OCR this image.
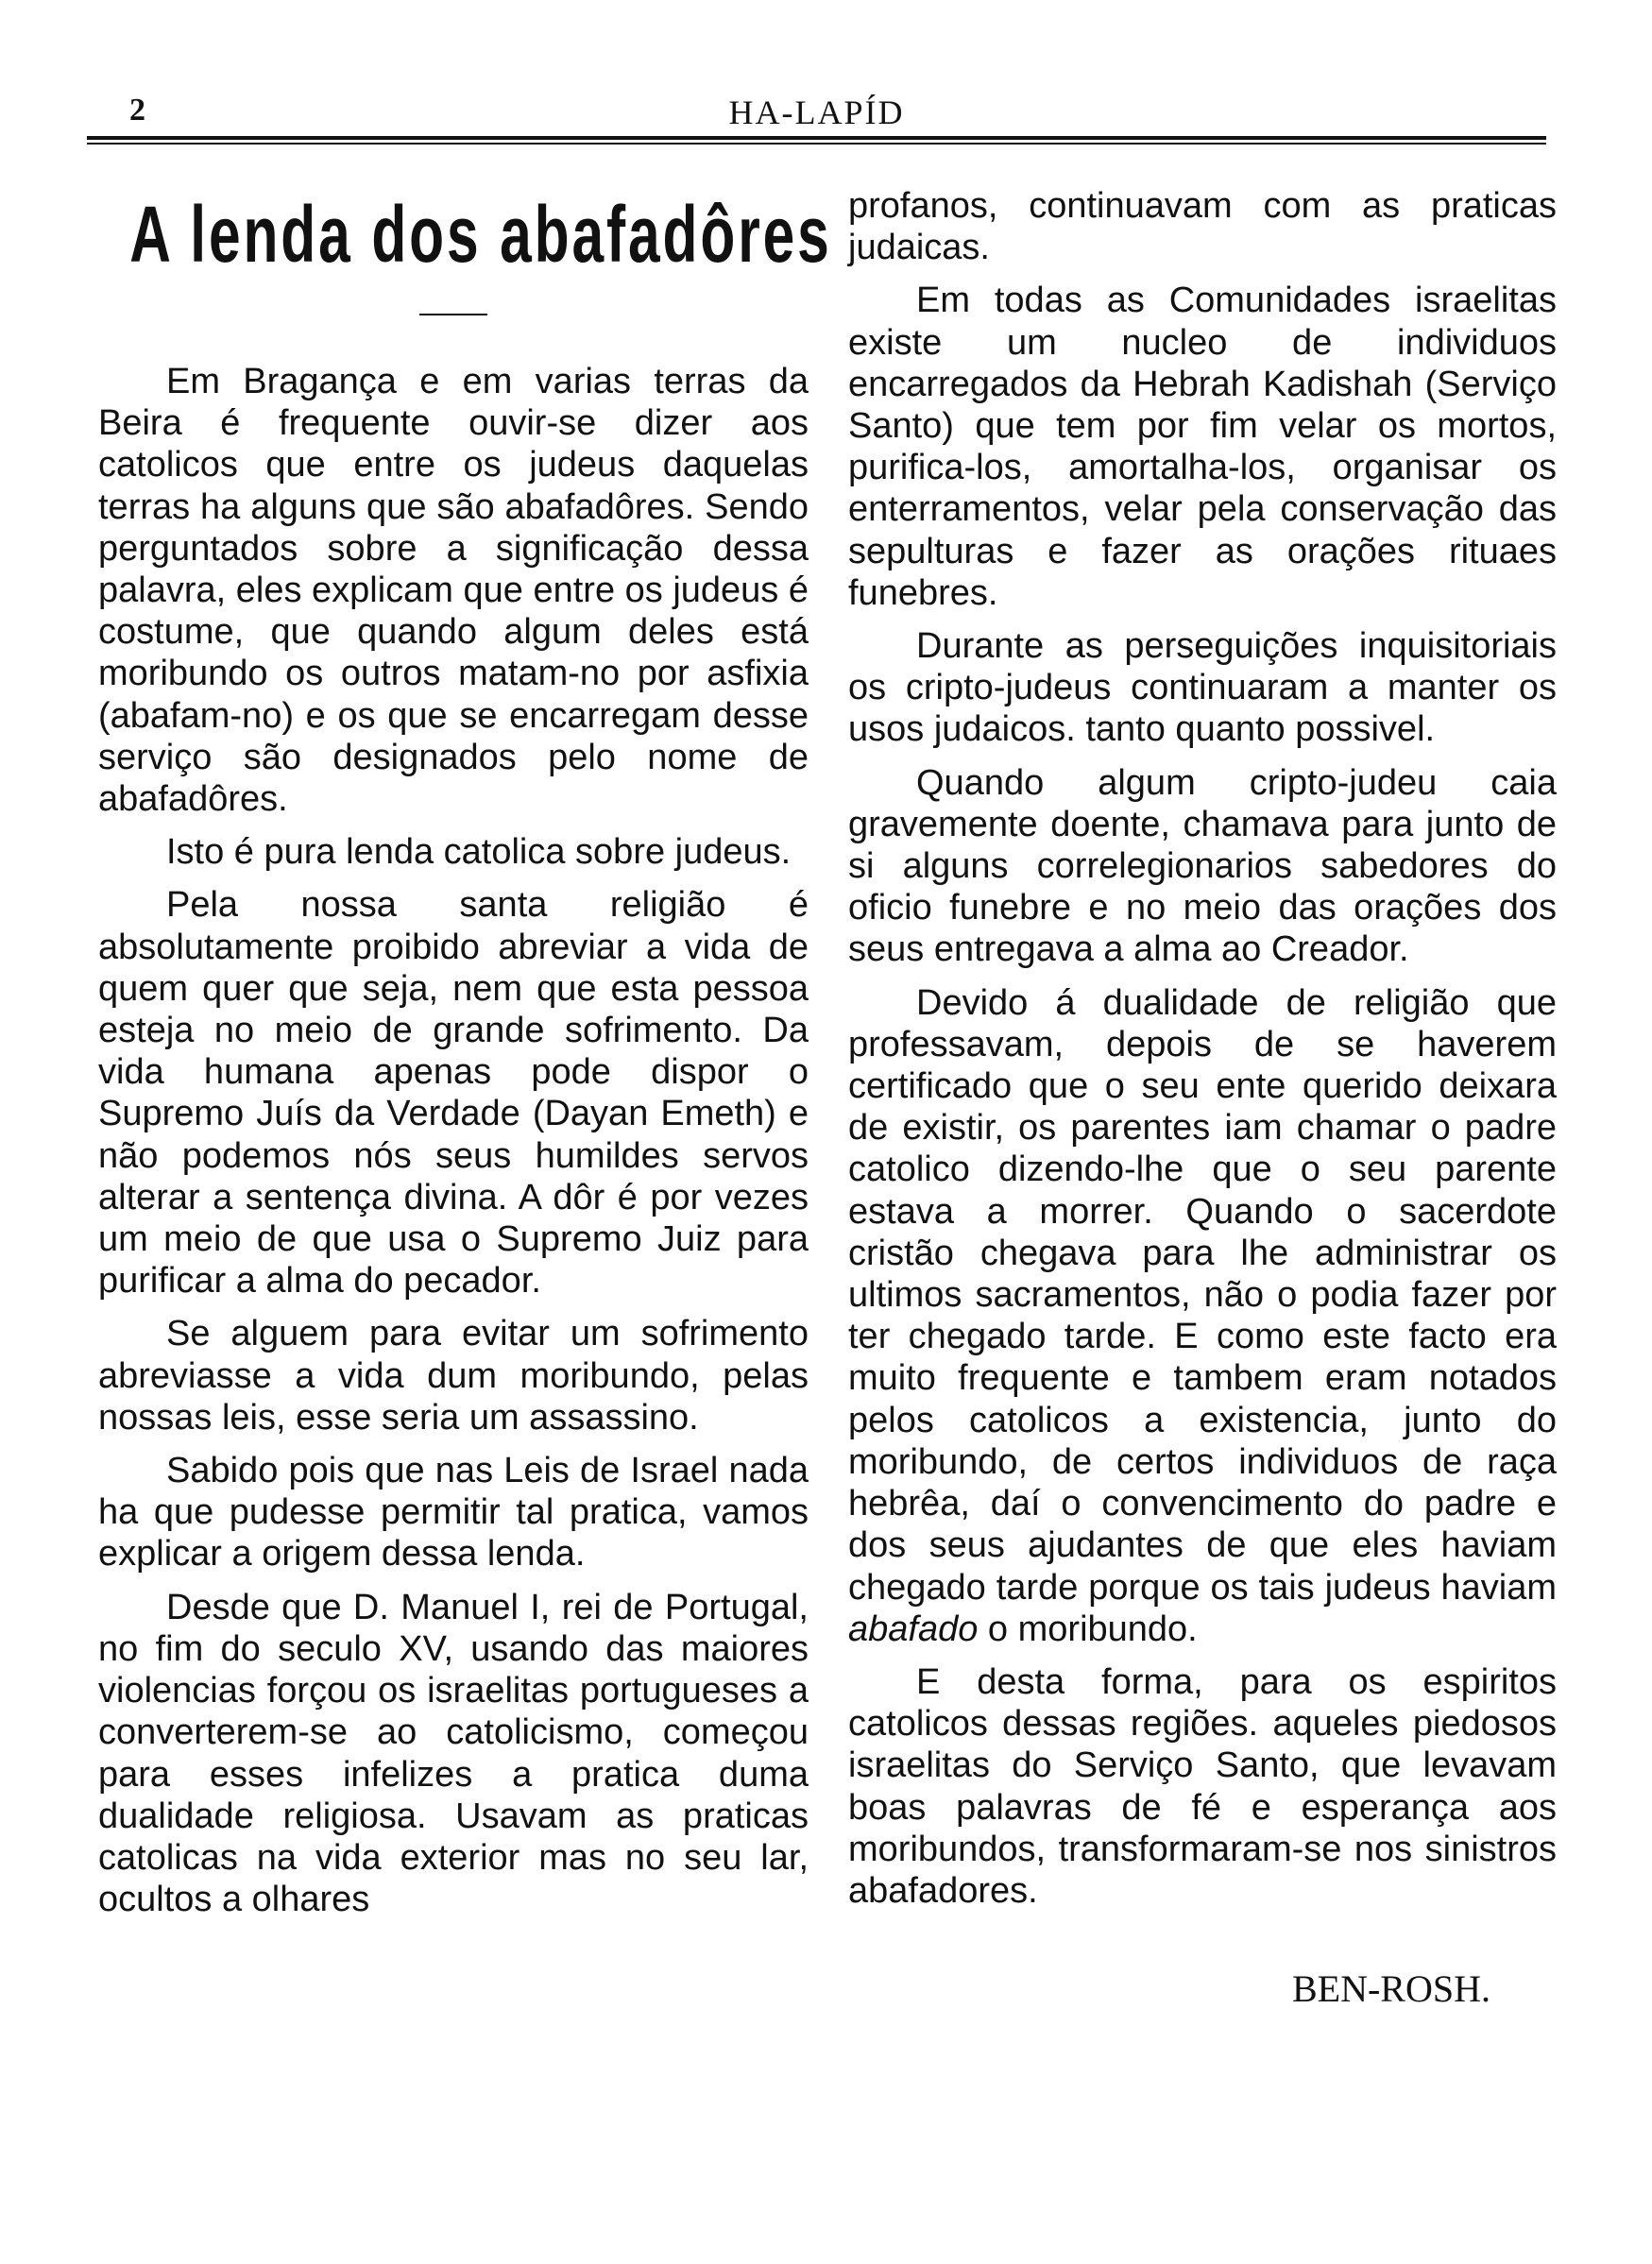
2	HA-LAPÍD
A lenda dos abafadôres

Em Bragança e em varias terras da Beira é frequente ouvir-se dizer aos catolicos que entre os judeus daquelas terras ha alguns que são abafadôres. Sendo perguntados sobre a significação dessa palavra, eles explicam que entre os judeus é costume, que quando algum deles está moribundo os outros matam-no por asfixia (abafam-no) e os que se encarregam desse serviço são designados pelo nome de abafadôres.

Isto é pura lenda catolica sobre judeus.

Pela nossa santa religião é absolutamente proibido abreviar a vida de quem quer que seja, nem que esta pessoa esteja no meio de grande sofrimento. Da vida humana apenas pode dispor o Supremo Juís da Verdade (Dayan Emeth) e não podemos nós seus humildes servos alterar a sentença divina. A dôr é por vezes um meio de que usa o Supremo Juiz para purificar a alma do pecador.

Se alguem para evitar um sofrimento abreviasse a vida dum moribundo, pelas nossas leis, esse seria um assassino.

Sabido pois que nas Leis de Israel nada ha que pudesse permitir tal pratica, vamos explicar a origem dessa lenda.

Desde que D. Manuel I, rei de Portugal, no fim do seculo XV, usando das maiores violencias forçou os israelitas portugueses a converterem-se ao catolicismo, começou para esses infelizes a pratica duma dualidade religiosa. Usavam as praticas catolicas na vida exterior mas no seu lar, ocultos a olhares

profanos, continuavam com as praticas judaicas.

Em todas as Comunidades israelitas existe um nucleo de individuos encarregados da Hebrah Kadishah (Serviço Santo) que tem por fim velar os mortos, purifica-los, amortalha-los, organisar os enterramentos, velar pela conservação das sepulturas e fazer as orações rituaes funebres.

Durante as perseguições inquisitoriais os cripto-judeus continuaram a manter os usos judaicos. tanto quanto possivel.

Quando algum cripto-judeu caia gravemente doente, chamava para junto de si alguns correlegionarios sabedores do oficio funebre e no meio das orações dos seus entregava a alma ao Creador.

Devido á dualidade de religião que professavam, depois de se haverem certificado que o seu ente querido deixara de existir, os parentes iam chamar o padre catolico dizendo-lhe que o seu parente estava a morrer. Quando o sacerdote cristão chegava para lhe administrar os ultimos sacramentos, não o podia fazer por ter chegado tarde. E como este facto era muito frequente e tambem eram notados pelos catolicos a existencia, junto do moribundo, de certos individuos de raça hebrêa, daí o convencimento do padre e dos seus ajudantes de que eles haviam chegado tarde porque os tais judeus haviam abafado o moribundo.

E desta forma, para os espiritos catolicos dessas regiões. aqueles piedosos israelitas do Serviço Santo, que levavam boas palavras de fé e esperança aos moribundos, transformaram-se nos sinistros abafadores.

BEN-ROSH.
